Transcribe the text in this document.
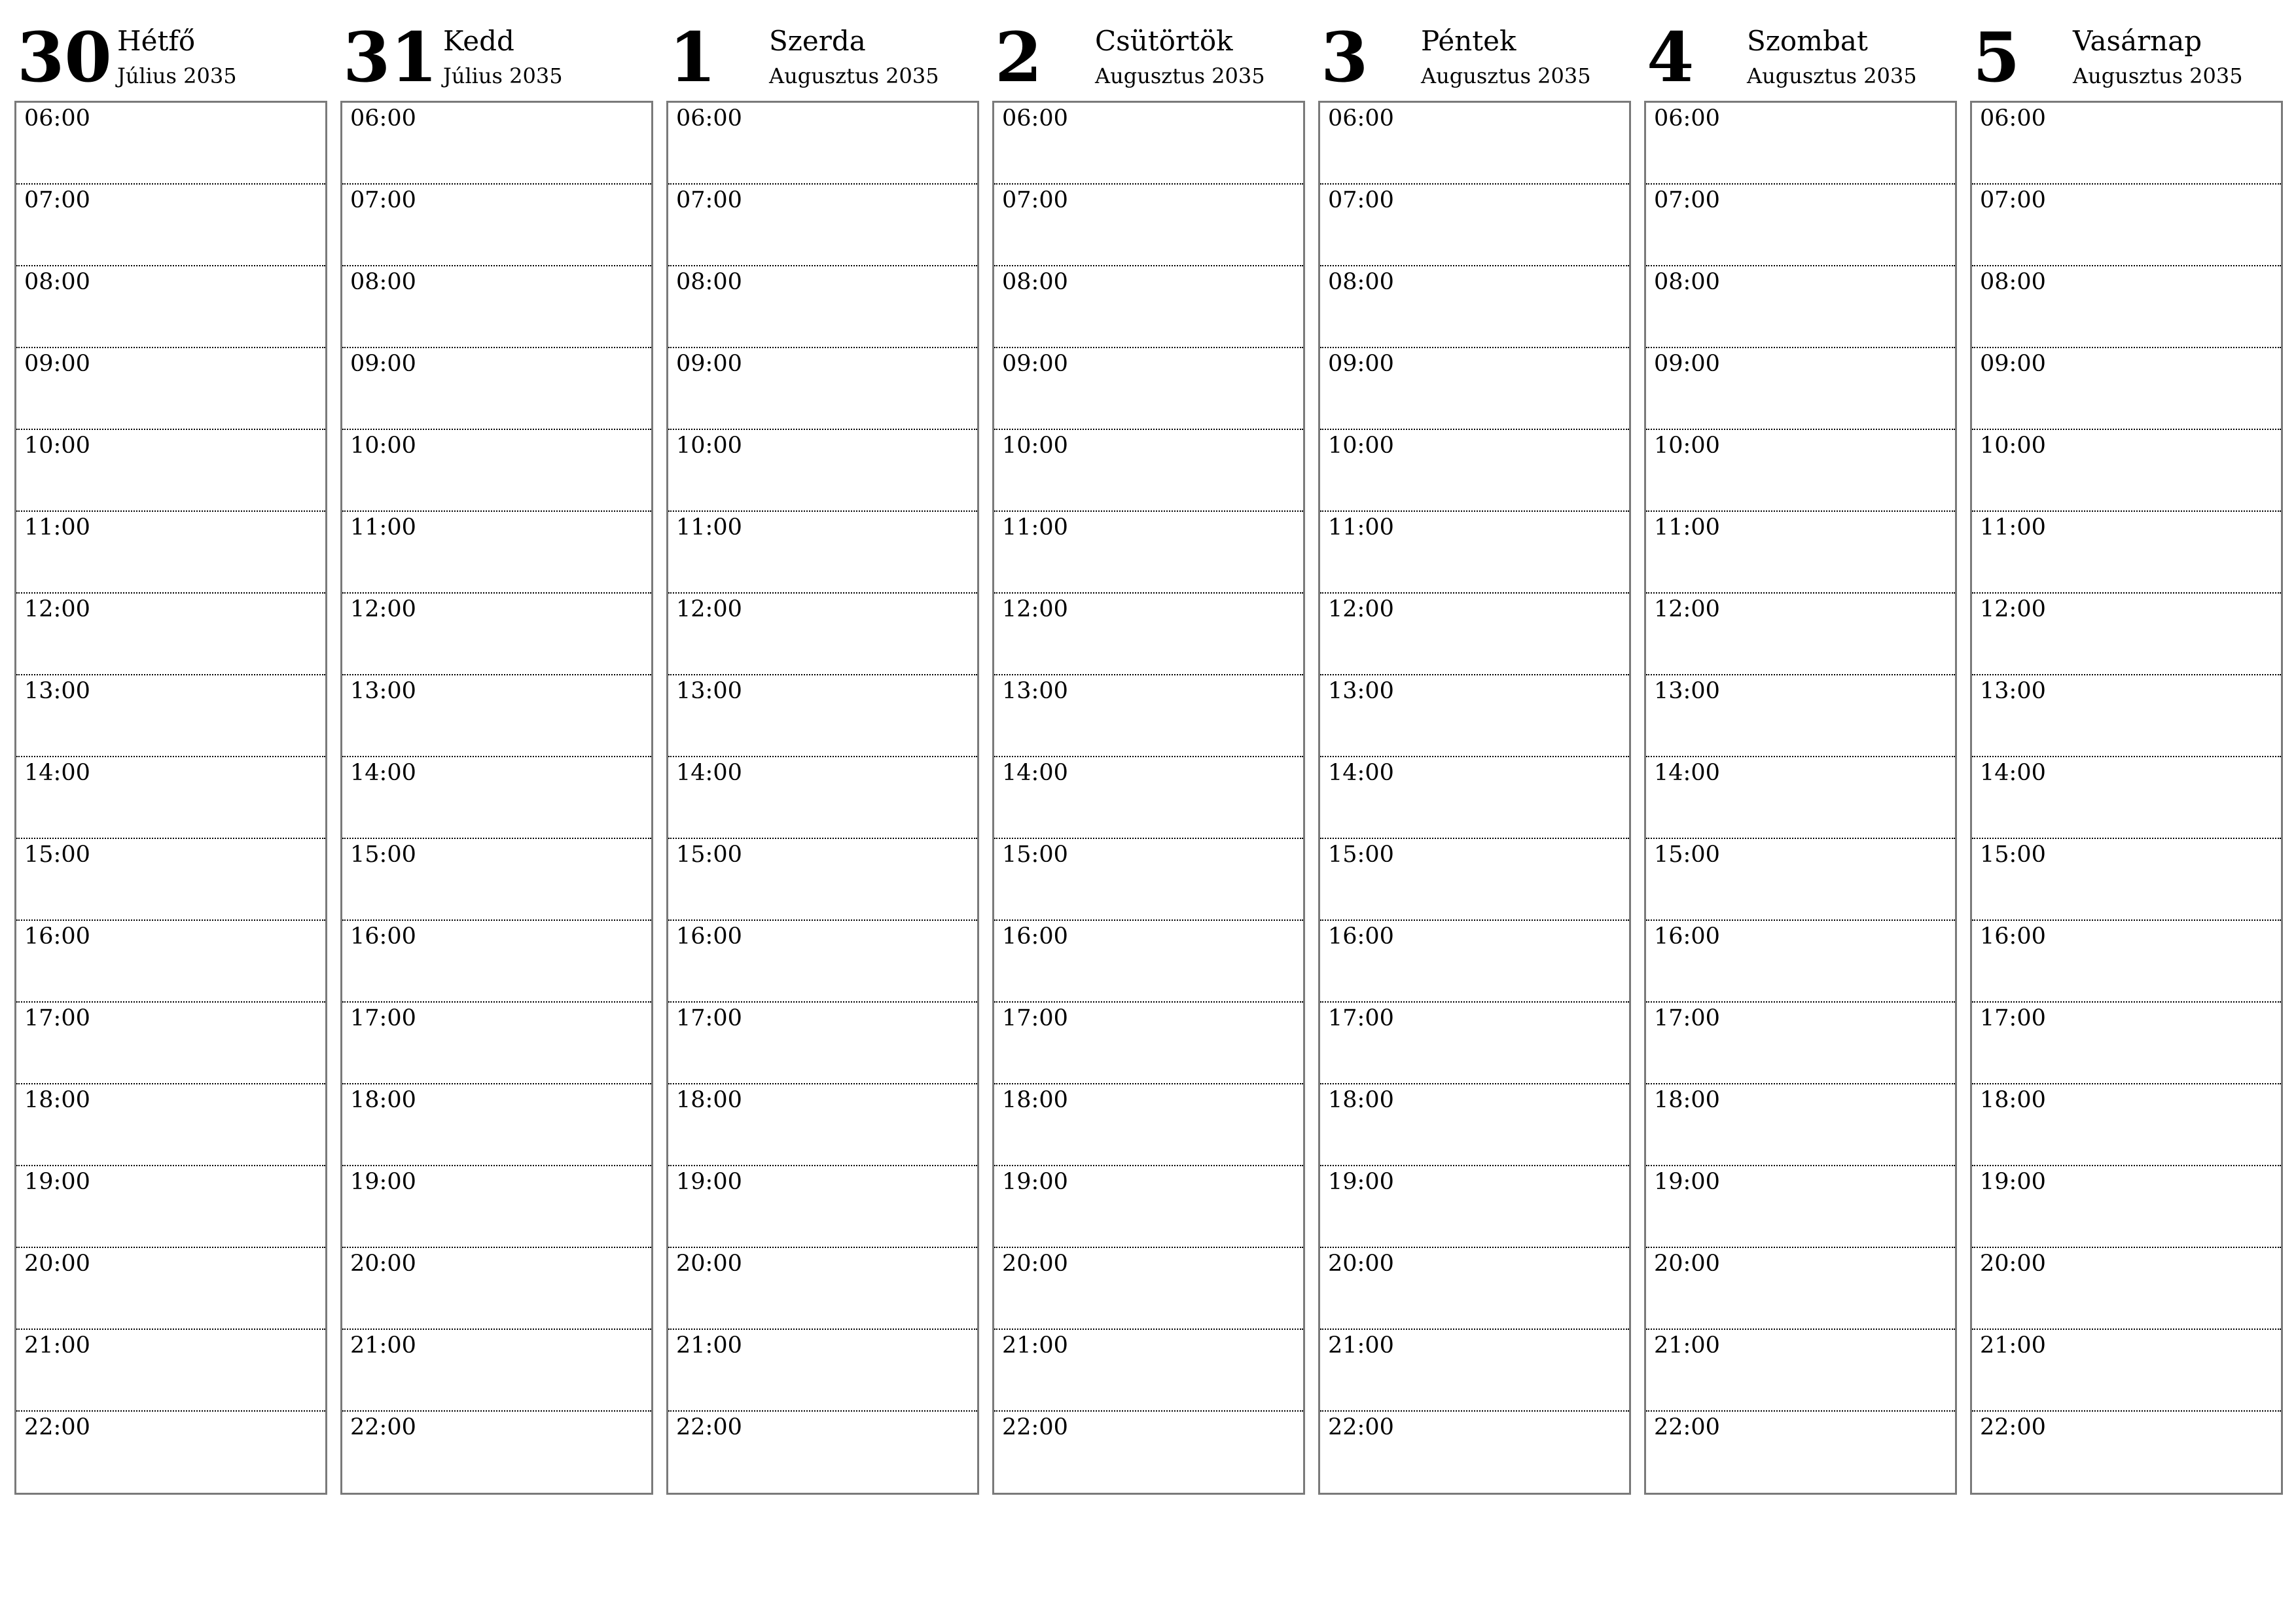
30 Hétfő
Július 2035
06:00
07:00
08:00
09:00
10:00
11:00
12:00
13:00
14:00
15:00
16:00
17:00
18:00
19:00
20:00
21:00
22:00
31 Kedd
Július 2035
06:00
07:00
08:00
09:00
10:00
11:00
12:00
13:00
14:00
15:00
16:00
17:00
18:00
19:00
20:00
21:00
22:00
1 Szerda
Augusztus 2035
06:00
07:00
08:00
09:00
10:00
11:00
12:00
13:00
14:00
15:00
16:00
17:00
18:00
19:00
20:00
21:00
22:00
2 Csütörtök
Augusztus 2035
06:00
07:00
08:00
09:00
10:00
11:00
12:00
13:00
14:00
15:00
16:00
17:00
18:00
19:00
20:00
21:00
22:00
3 Péntek
Augusztus 2035
06:00
07:00
08:00
09:00
10:00
11:00
12:00
13:00
14:00
15:00
16:00
17:00
18:00
19:00
20:00
21:00
22:00
4 Szombat
Augusztus 2035
06:00
07:00
08:00
09:00
10:00
11:00
12:00
13:00
14:00
15:00
16:00
17:00
18:00
19:00
20:00
21:00
22:00
5 Vasárnap
Augusztus 2035
06:00
07:00
08:00
09:00
10:00
11:00
12:00
13:00
14:00
15:00
16:00
17:00
18:00
19:00
20:00
21:00
22:00
